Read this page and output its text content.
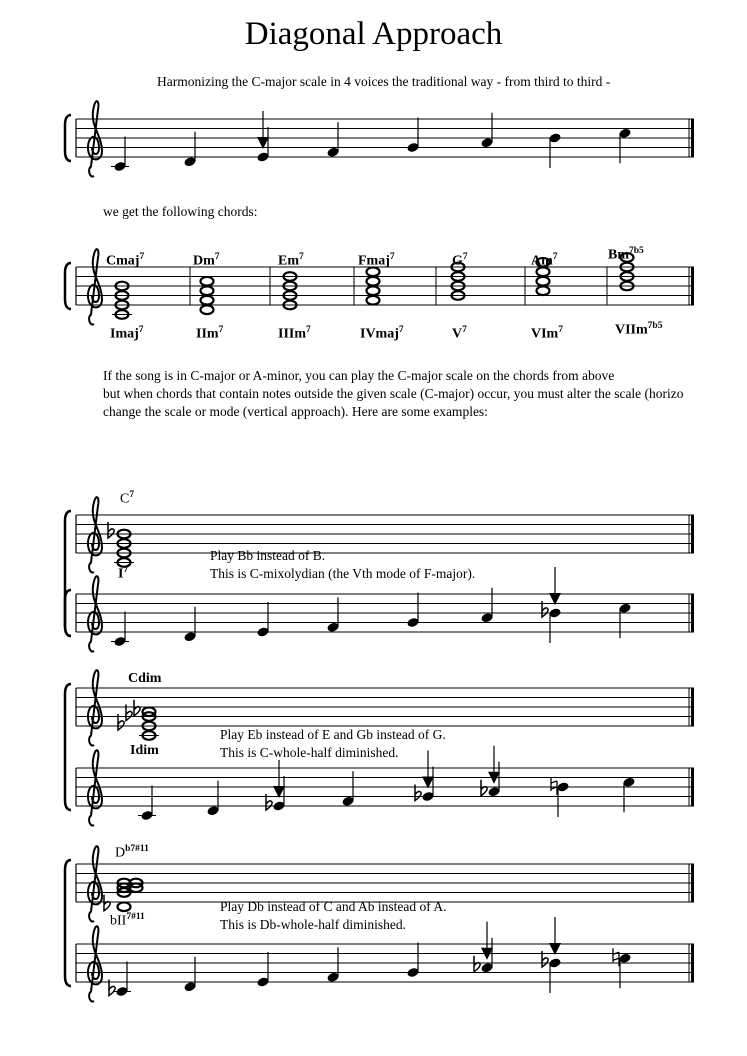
Diagonal Approach
Harmonizing the C-major scale in 4 voices the traditional way - from third to third -
we get the following chords:
Cmaj$^7$	Dm$^7$	Em$^7$	Fmaj$^7$	$G^7$	Am$^7$	$Bm^{7b5}$
Imaj$^7$	IIm$^7$	IIIm$^7$	IVmaj$^7$	$V^7$	VIm$^7$	VIIm$^{7b5}$
If the song is in C-major or A-minor, you can play the C-major scale on the chords from above
but when chords that contain notes outside the given scale (C-major) occur, you must alter the scale (horizo
change the scale or mode (vertical approach). Here are some examples:
$C^7$
$I^7$
Play Bb instead of B.
This is C-mixolydian (the Vth mode of F-major).
Cdim
Idim
Play Eb instead of E and Gb instead of G.
This is C-whole-half diminished.
$D^{b7\#11}$
bII$^{7\#11}$
Play Db instead of C and Ab instead of A.
This is Db-whole-half diminished.
